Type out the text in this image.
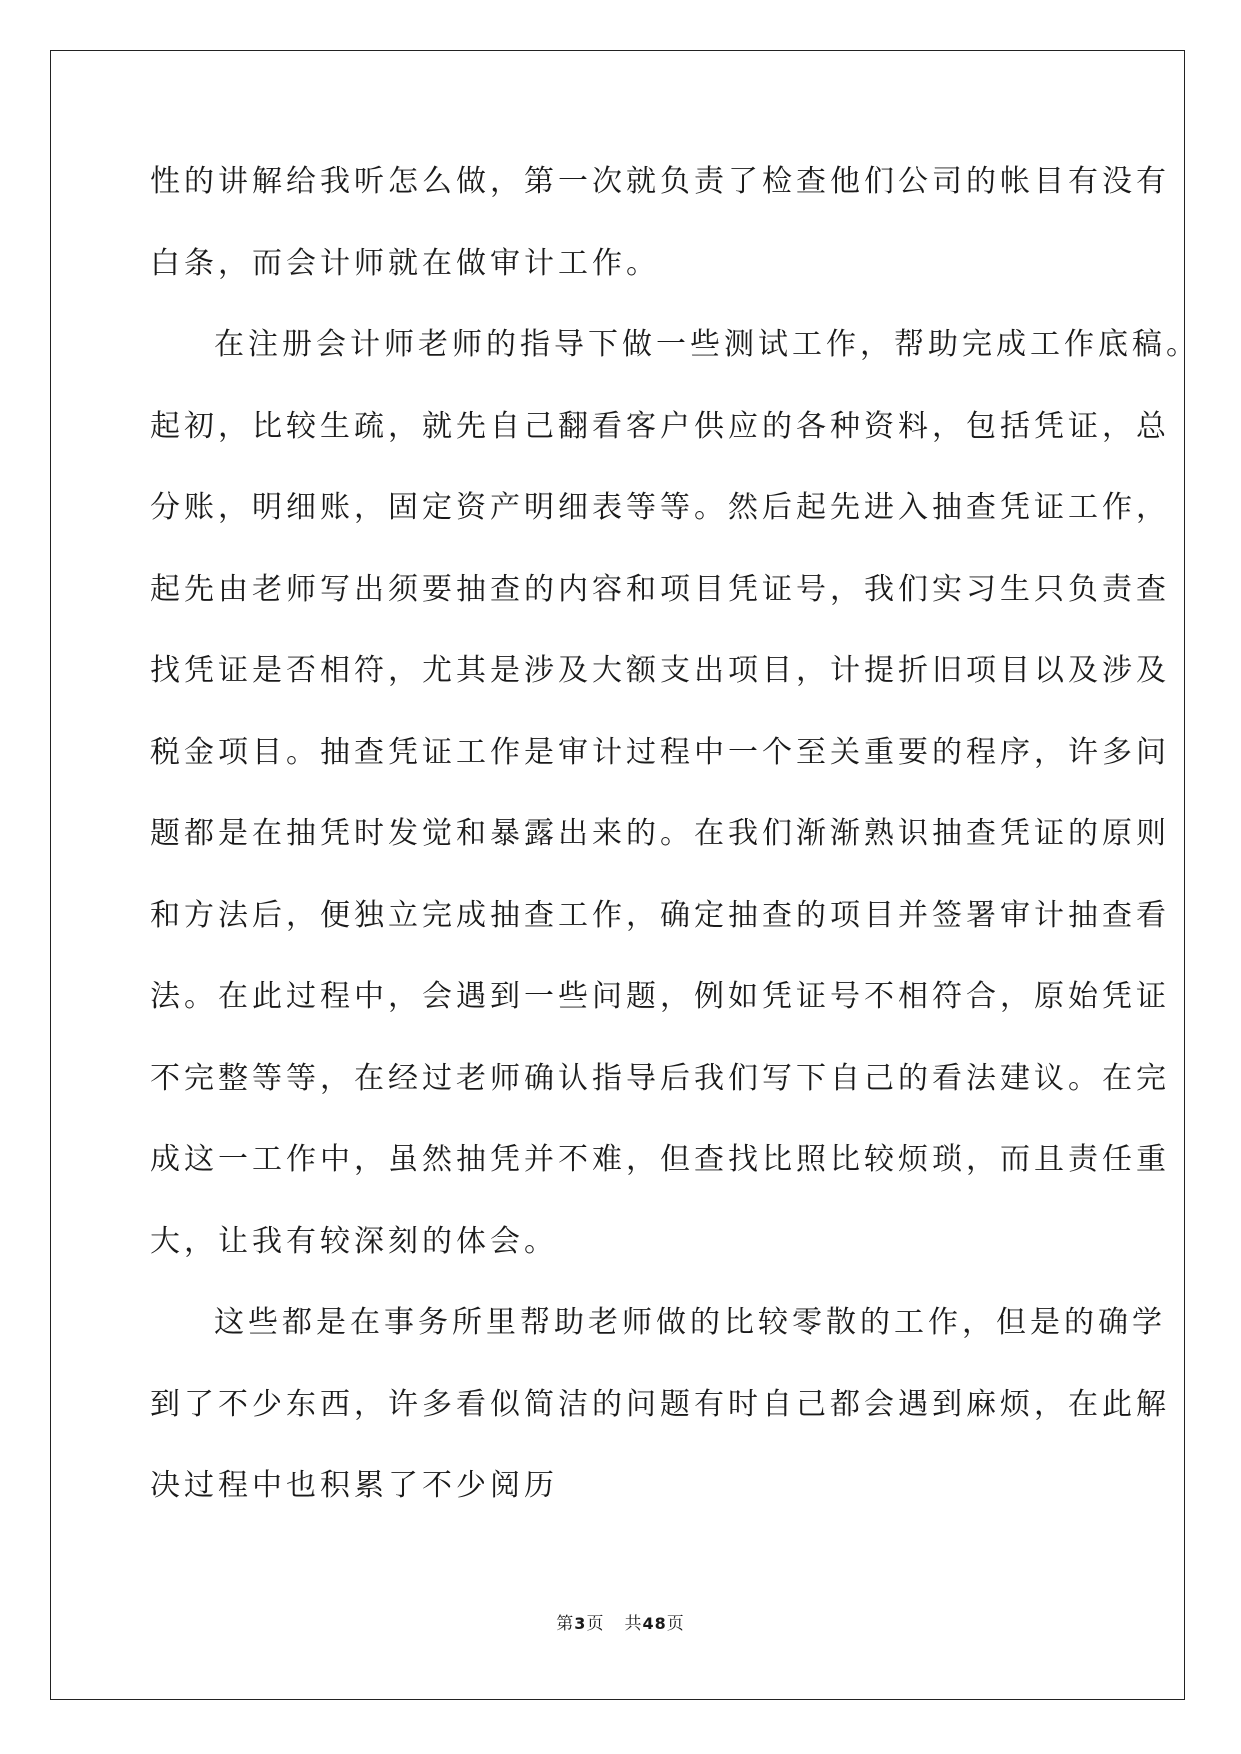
性的讲解给我听怎么做，第一次就负责了检查他们公司的帐目有没有
白条，而会计师就在做审计工作。
在注册会计师老师的指导下做一些测试工作，帮助完成工作底稿。
起初，比较生疏，就先自己翻看客户供应的各种资料，包括凭证，总
分账，明细账，固定资产明细表等等。然后起先进入抽查凭证工作，
起先由老师写出须要抽查的内容和项目凭证号，我们实习生只负责查
找凭证是否相符，尤其是涉及大额支出项目，计提折旧项目以及涉及
税金项目。抽查凭证工作是审计过程中一个至关重要的程序，许多问
题都是在抽凭时发觉和暴露出来的。在我们渐渐熟识抽查凭证的原则
和方法后，便独立完成抽查工作，确定抽查的项目并签署审计抽查看
法。在此过程中，会遇到一些问题，例如凭证号不相符合，原始凭证
不完整等等，在经过老师确认指导后我们写下自己的看法建议。在完
成这一工作中，虽然抽凭并不难，但查找比照比较烦琐，而且责任重
大，让我有较深刻的体会。
这些都是在事务所里帮助老师做的比较零散的工作，但是的确学
到了不少东西，许多看似简洁的问题有时自己都会遇到麻烦，在此解
决过程中也积累了不少阅历
第3页 共48页
